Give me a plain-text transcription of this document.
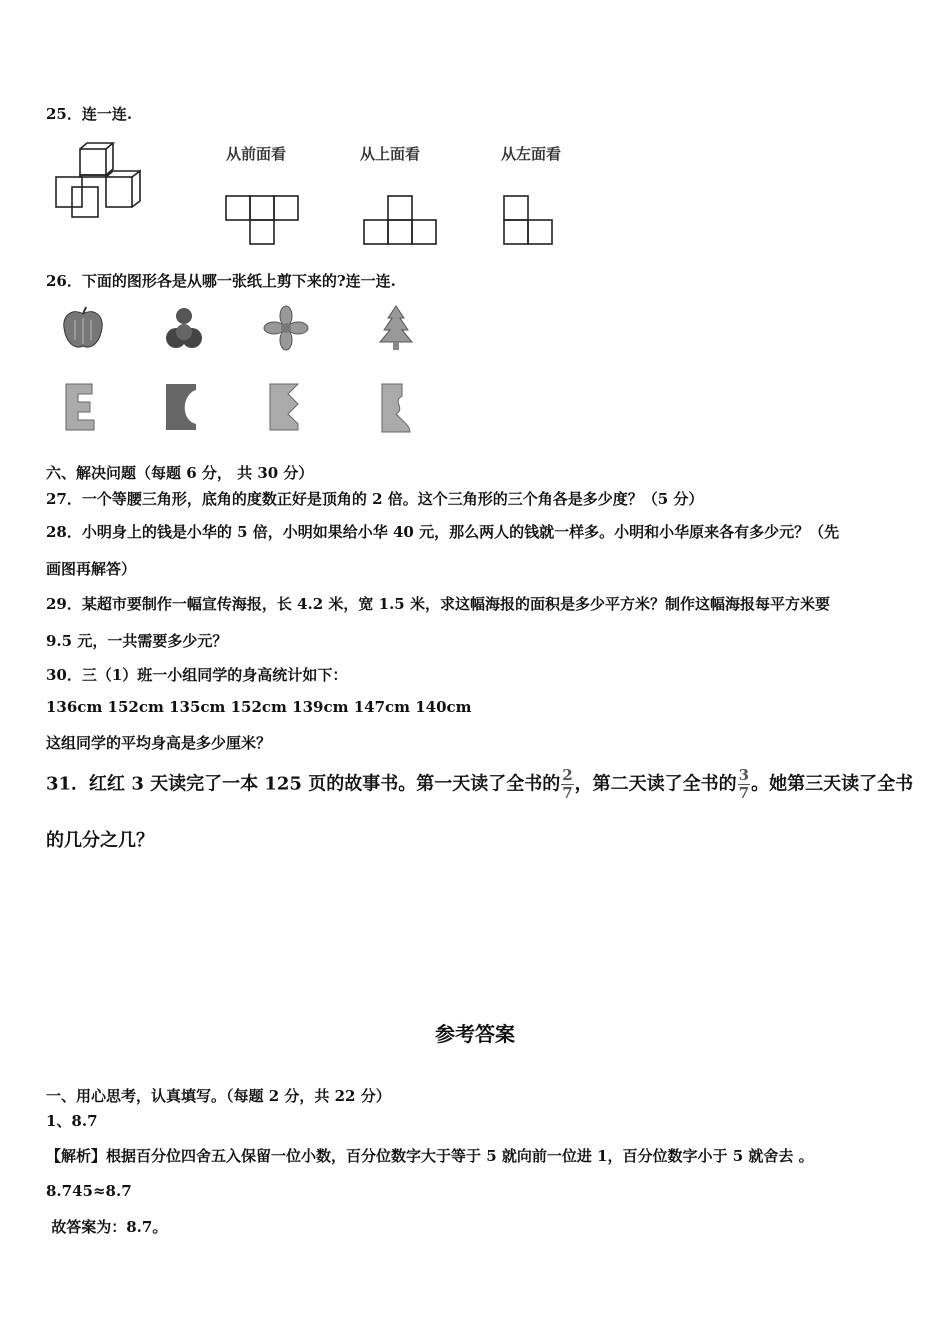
25．连一连.
从前面看	从上面看	从左面看
26．下面的图形各是从哪一张纸上剪下来的?连一连.
六、解决问题（每题 6 分， 共 30 分）
27．一个等腰三角形，底角的度数正好是顶角的 2 倍。这个三角形的三个角各是多少度？（5 分）
28．小明身上的钱是小华的 5 倍，小明如果给小华 40 元，那么两人的钱就一样多。小明和小华原来各有多少元？（先
画图再解答）
29．某超市要制作一幅宣传海报，长 4.2 米，宽 1.5 米，求这幅海报的面积是多少平方米？制作这幅海报每平方米要
9.5 元，一共需要多少元？
30．三（1）班一小组同学的身高统计如下：
136cm 152cm 135cm 152cm 139cm 147cm 140cm
这组同学的平均身高是多少厘米？
31．红红 3 天读完了一本 125 页的故事书。第一天读了全书的 $\frac{2}{7}$ ，第二天读了全书的 $\frac{3}{7}$ 。她第三天读了全书
的几分之几？
参考答案
一、用心思考，认真填写。（每题 2 分，共 22 分）
1、8.7
【解析】根据百分位四舍五入保留一位小数，百分位数字大于等于 5 就向前一位进 1，百分位数字小于 5 就舍去 。
8.745≈8.7
故答案为：8.7。
